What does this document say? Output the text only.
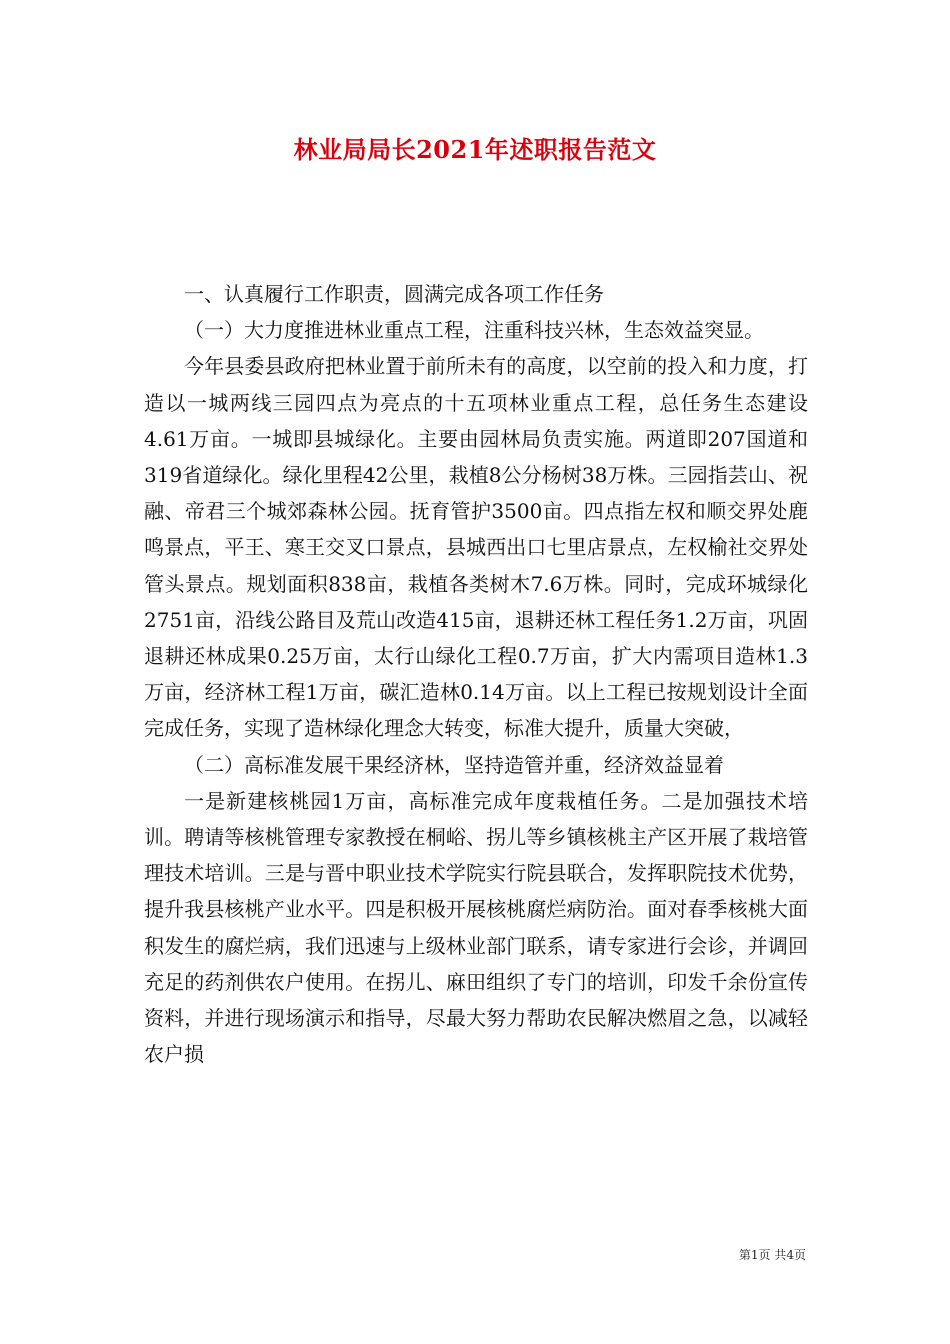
林业局局长2021年述职报告范文

一、认真履行工作职责，圆满完成各项工作任务

（一）大力度推进林业重点工程，注重科技兴林，生态效益突显。

今年县委县政府把林业置于前所未有的高度，以空前的投入和力度，打造以一城两线三园四点为亮点的十五项林业重点工程，总任务生态建设4.61万亩。一城即县城绿化。主要由园林局负责实施。两道即207国道和319省道绿化。绿化里程42公里，栽植8公分杨树38万株。三园指芸山、祝融、帝君三个城郊森林公园。抚育管护3500亩。四点指左权和顺交界处鹿鸣景点，平王、寒王交叉口景点，县城西出口七里店景点，左权榆社交界处管头景点。规划面积838亩，栽植各类树木7.6万株。同时，完成环城绿化2751亩，沿线公路目及荒山改造415亩，退耕还林工程任务1.2万亩，巩固退耕还林成果0.25万亩，太行山绿化工程0.7万亩，扩大内需项目造林1.3万亩，经济林工程1万亩，碳汇造林0.14万亩。以上工程已按规划设计全面完成任务，实现了造林绿化理念大转变，标准大提升，质量大突破，

（二）高标准发展干果经济林，坚持造管并重，经济效益显着

一是新建核桃园1万亩，高标准完成年度栽植任务。二是加强技术培训。聘请等核桃管理专家教授在桐峪、拐儿等乡镇核桃主产区开展了栽培管理技术培训。三是与晋中职业技术学院实行院县联合，发挥职院技术优势，提升我县核桃产业水平。四是积极开展核桃腐烂病防治。面对春季核桃大面积发生的腐烂病，我们迅速与上级林业部门联系，请专家进行会诊，并调回充足的药剂供农户使用。在拐儿、麻田组织了专门的培训，印发千余份宣传资料，并进行现场演示和指导，尽最大努力帮助农民解决燃眉之急，以减轻农户损

第1页 共4页
